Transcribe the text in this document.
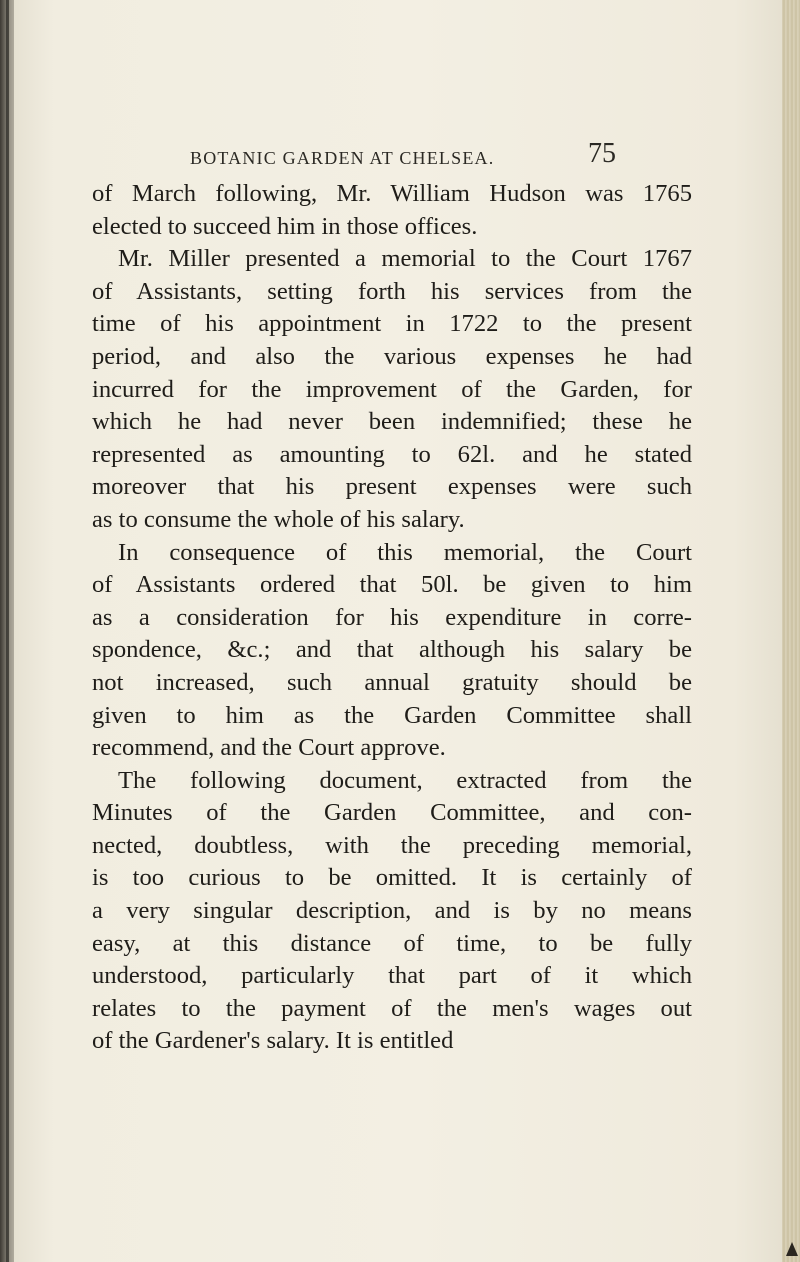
BOTANIC GARDEN AT CHELSEA.	75
of March following, Mr. William Hudson was 1765
elected to succeed him in those offices.
Mr. Miller presented a memorial to the Court 1767
of Assistants, setting forth his services from the
time of his appointment in 1722 to the present
period, and also the various expenses he had
incurred for the improvement of the Garden, for
which he had never been indemnified; these he
represented as amounting to 62l. and he stated
moreover that his present expenses were such
as to consume the whole of his salary.
In consequence of this memorial, the Court
of Assistants ordered that 50l. be given to him
as a consideration for his expenditure in corre-
spondence, &c.; and that although his salary be
not increased, such annual gratuity should be
given to him as the Garden Committee shall
recommend, and the Court approve.
The following document, extracted from the
Minutes of the Garden Committee, and con-
nected, doubtless, with the preceding memorial,
is too curious to be omitted. It is certainly of
a very singular description, and is by no means
easy, at this distance of time, to be fully
understood, particularly that part of it which
relates to the payment of the men's wages out
of the Gardener's salary. It is entitled
